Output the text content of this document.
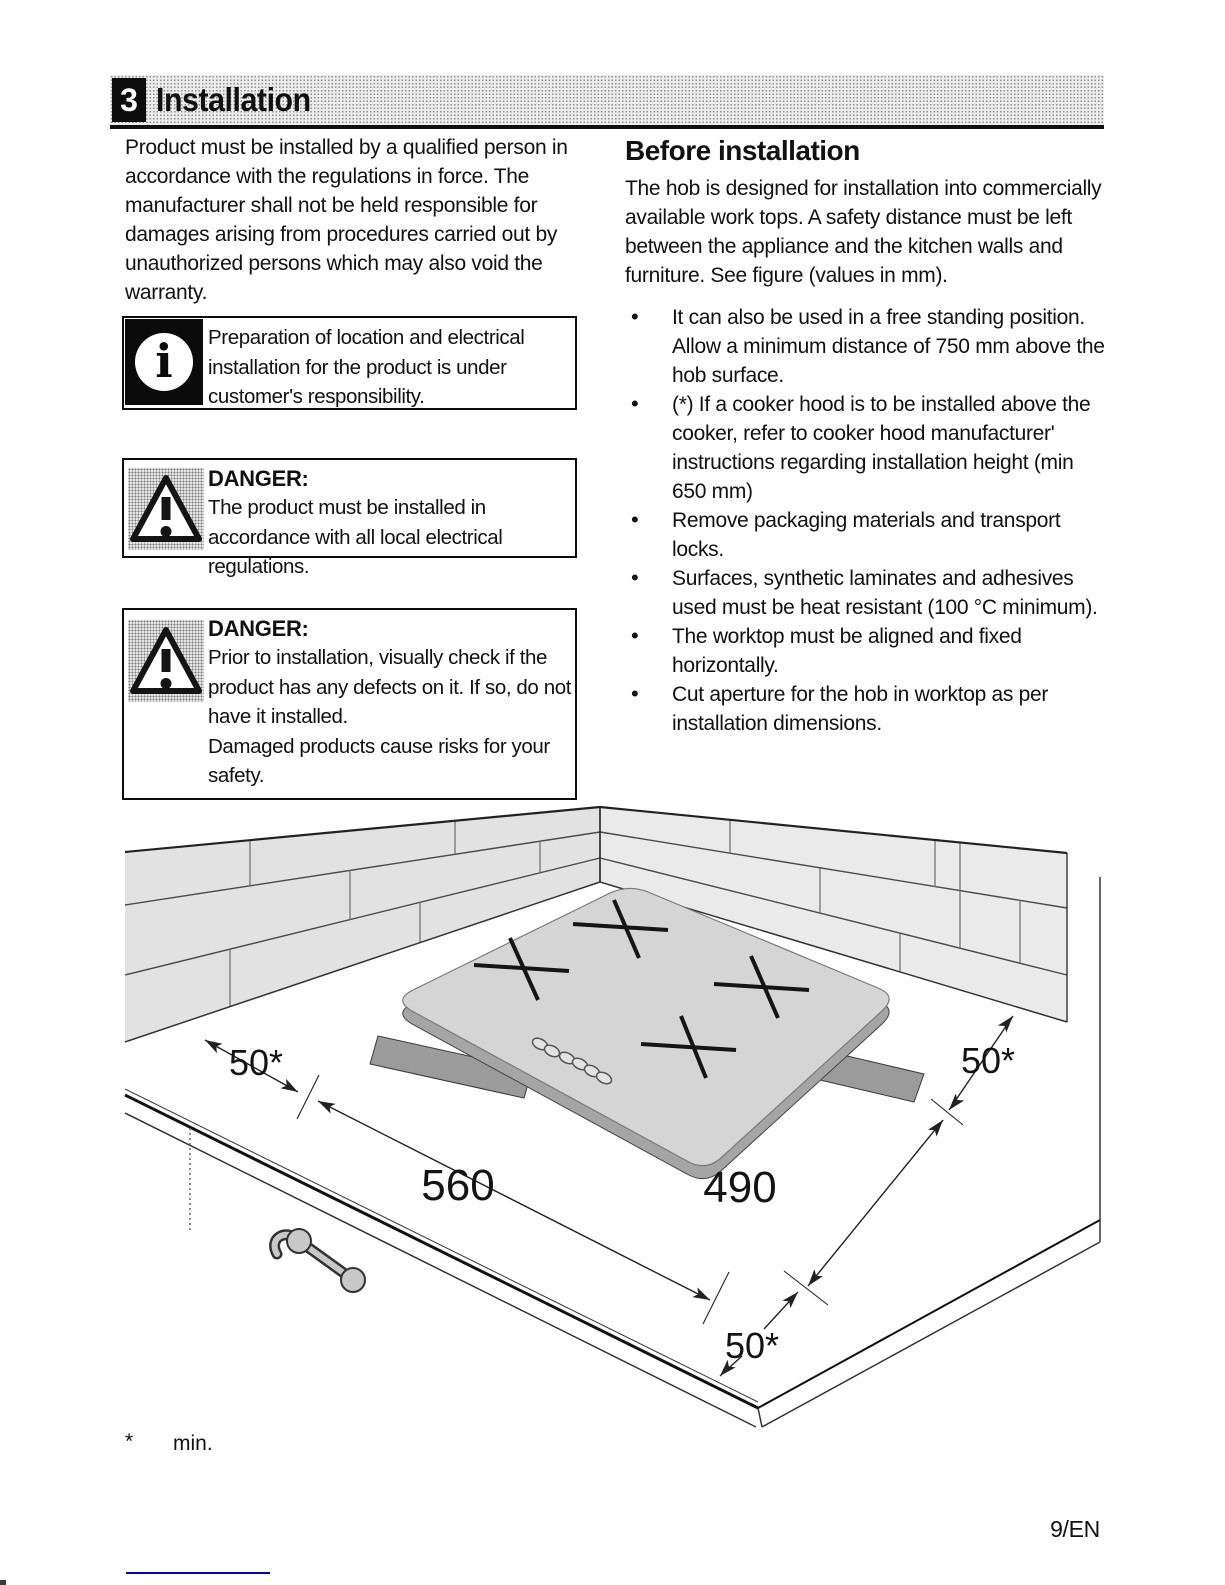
3 Installation

Product must be installed by a qualified person in accordance with the regulations in force. The manufacturer shall not be held responsible for damages arising from procedures carried out by unauthorized persons which may also void the warranty.

i Preparation of location and electrical installation for the product is under customer's responsibility.

DANGER:

The product must be installed in accordance with all local electrical regulations.

DANGER:

Prior to installation, visually check if the product has any defects on it. If so, do not have it installed.

Damaged products cause risks for your safety.

Before installation

The hob is designed for installation into commercially available work tops. A safety distance must be left between the appliance and the kitchen walls and furniture. See figure (values in mm).

• It can also be used in a free standing position. Allow a minimum distance of 750 mm above the hob surface.
• (*) If a cooker hood is to be installed above the cooker, refer to cooker hood manufacturer' instructions regarding installation height (min 650 mm)
• Remove packaging materials and transport locks.
• Surfaces, synthetic laminates and adhesives used must be heat resistant (100 °C minimum).
• The worktop must be aligned and fixed horizontally.
• Cut aperture for the hob in worktop as per installation dimensions.
50*
560	490
50*
50*
* min.
9/EN
